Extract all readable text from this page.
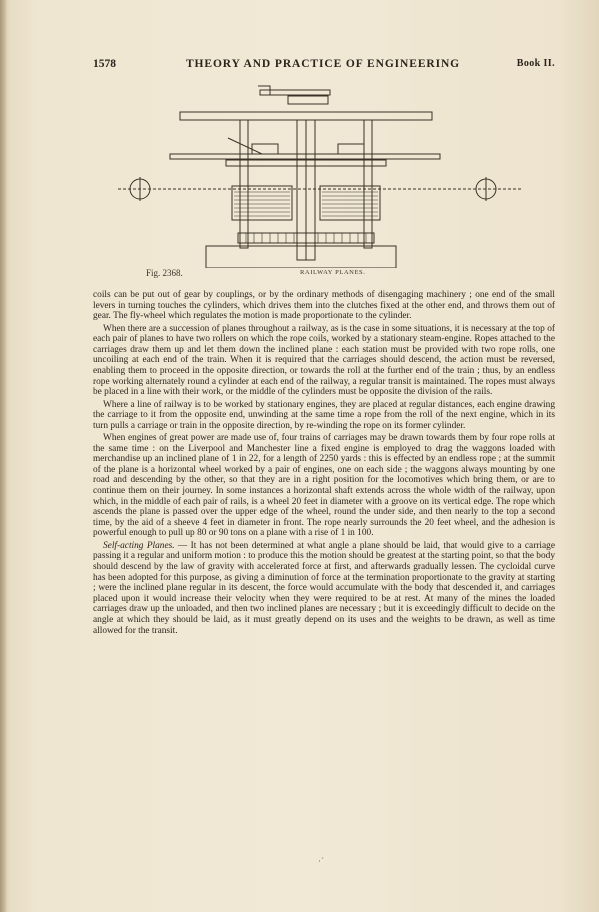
1578	THEORY AND PRACTICE OF ENGINEERING	Book II.
Fig. 2368.	RAILWAY PLANES.

coils can be put out of gear by couplings, or by the ordinary methods of disengaging machinery ; one end of the small levers in turning touches the cylinders, which drives them into the clutches fixed at the other end, and throws them out of gear. The fly-wheel which regulates the motion is made proportionate to the cylinder.

When there are a succession of planes throughout a railway, as is the case in some situations, it is necessary at the top of each pair of planes to have two rollers on which the rope coils, worked by a stationary steam-engine. Ropes attached to the carriages draw them up and let them down the inclined plane : each station must be provided with two rope rolls, one uncoiling at each end of the train. When it is required that the carriages should descend, the action must be reversed, enabling them to proceed in the opposite direction, or towards the roll at the further end of the train ; thus, by an endless rope working alternately round a cylinder at each end of the railway, a regular transit is maintained. The ropes must always be placed in a line with their work, or the middle of the cylinders must be opposite the division of the rails.

Where a line of railway is to be worked by stationary engines, they are placed at regular distances, each engine drawing the carriage to it from the opposite end, unwinding at the same time a rope from the roll of the next engine, which in its turn pulls a carriage or train in the opposite direction, by re-winding the rope on its former cylinder.

When engines of great power are made use of, four trains of carriages may be drawn towards them by four rope rolls at the same time : on the Liverpool and Manchester line a fixed engine is employed to drag the waggons loaded with merchandise up an inclined plane of 1 in 22, for a length of 2250 yards : this is effected by an endless rope ; at the summit of the plane is a horizontal wheel worked by a pair of engines, one on each side ; the waggons always mounting by one road and descending by the other, so that they are in a right position for the locomotives which bring them, or are to continue them on their journey. In some instances a horizontal shaft extends across the whole width of the railway, upon which, in the middle of each pair of rails, is a wheel 20 feet in diameter with a groove on its vertical edge. The rope which ascends the plane is passed over the upper edge of the wheel, round the under side, and then nearly to the top a second time, by the aid of a sheeve 4 feet in diameter in front. The rope nearly surrounds the 20 feet wheel, and the adhesion is powerful enough to pull up 80 or 90 tons on a plane with a rise of 1 in 100.

Self-acting Planes. — It has not been determined at what angle a plane should be laid, that would give to a carriage passing it a regular and uniform motion : to produce this the motion should be greatest at the starting point, so that the body should descend by the law of gravity with accelerated force at first, and afterwards gradually lessen. The cycloidal curve has been adopted for this purpose, as giving a diminution of force at the termination proportionate to the gravity at starting ; were the inclined plane regular in its descent, the force would accumulate with the body that descended it, and carriages placed upon it would increase their velocity when they were required to be at rest. At many of the mines the loaded carriages draw up the unloaded, and then two inclined planes are necessary ; but it is exceedingly difficult to decide on the angle at which they should be laid, as it must greatly depend on its uses and the weights to be drawn, as well as time allowed for the transit.

·ˊ
